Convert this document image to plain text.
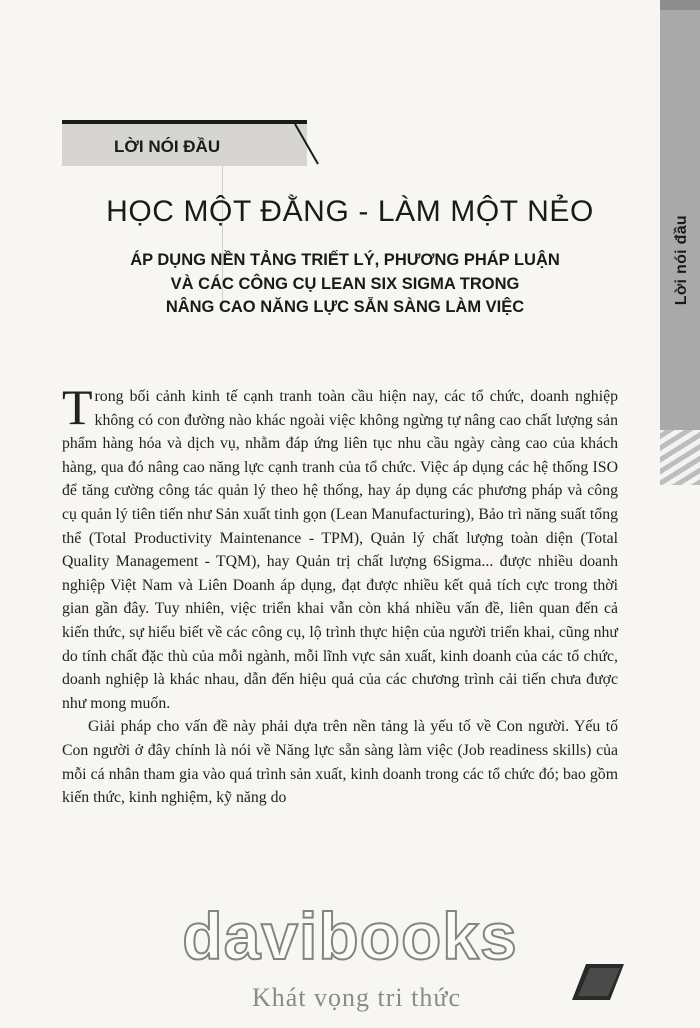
Lời nói đầu
LỜI NÓI ĐẦU
HỌC MỘT ĐẰNG - LÀM MỘT NẺO
ÁP DỤNG NỀN TẢNG TRIẾT LÝ, PHƯƠNG PHÁP LUẬN
VÀ CÁC CÔNG CỤ LEAN SIX SIGMA TRONG
NÂNG CAO NĂNG LỰC SẴN SÀNG LÀM VIỆC

Trong bối cảnh kinh tế cạnh tranh toàn cầu hiện nay, các tổ chức, doanh nghiệp không có con đường nào khác ngoài việc không ngừng tự nâng cao chất lượng sản phẩm hàng hóa và dịch vụ, nhằm đáp ứng liên tục nhu cầu ngày càng cao của khách hàng, qua đó nâng cao năng lực cạnh tranh của tổ chức. Việc áp dụng các hệ thống ISO để tăng cường công tác quản lý theo hệ thống, hay áp dụng các phương pháp và công cụ quản lý tiên tiến như Sản xuất tinh gọn (Lean Manufacturing), Bảo trì năng suất tổng thể (Total Productivity Maintenance - TPM), Quản lý chất lượng toàn diện (Total Quality Management - TQM), hay Quản trị chất lượng 6Sigma... được nhiều doanh nghiệp Việt Nam và Liên Doanh áp dụng, đạt được nhiều kết quả tích cực trong thời gian gần đây. Tuy nhiên, việc triển khai vẫn còn khá nhiều vấn đề, liên quan đến cả kiến thức, sự hiểu biết về các công cụ, lộ trình thực hiện của người triển khai, cũng như do tính chất đặc thù của mỗi ngành, mỗi lĩnh vực sản xuất, kinh doanh của các tổ chức, doanh nghiệp là khác nhau, dẫn đến hiệu quả của các chương trình cải tiến chưa được như mong muốn.

Giải pháp cho vấn đề này phải dựa trên nền tảng là yếu tố về Con người. Yếu tố Con người ở đây chính là nói về Năng lực sẵn sàng làm việc (Job readiness skills) của mỗi cá nhân tham gia vào quá trình sản xuất, kinh doanh trong các tổ chức đó; bao gồm kiến thức, kinh nghiệm, kỹ năng do

davibooks
Khát vọng tri thức
